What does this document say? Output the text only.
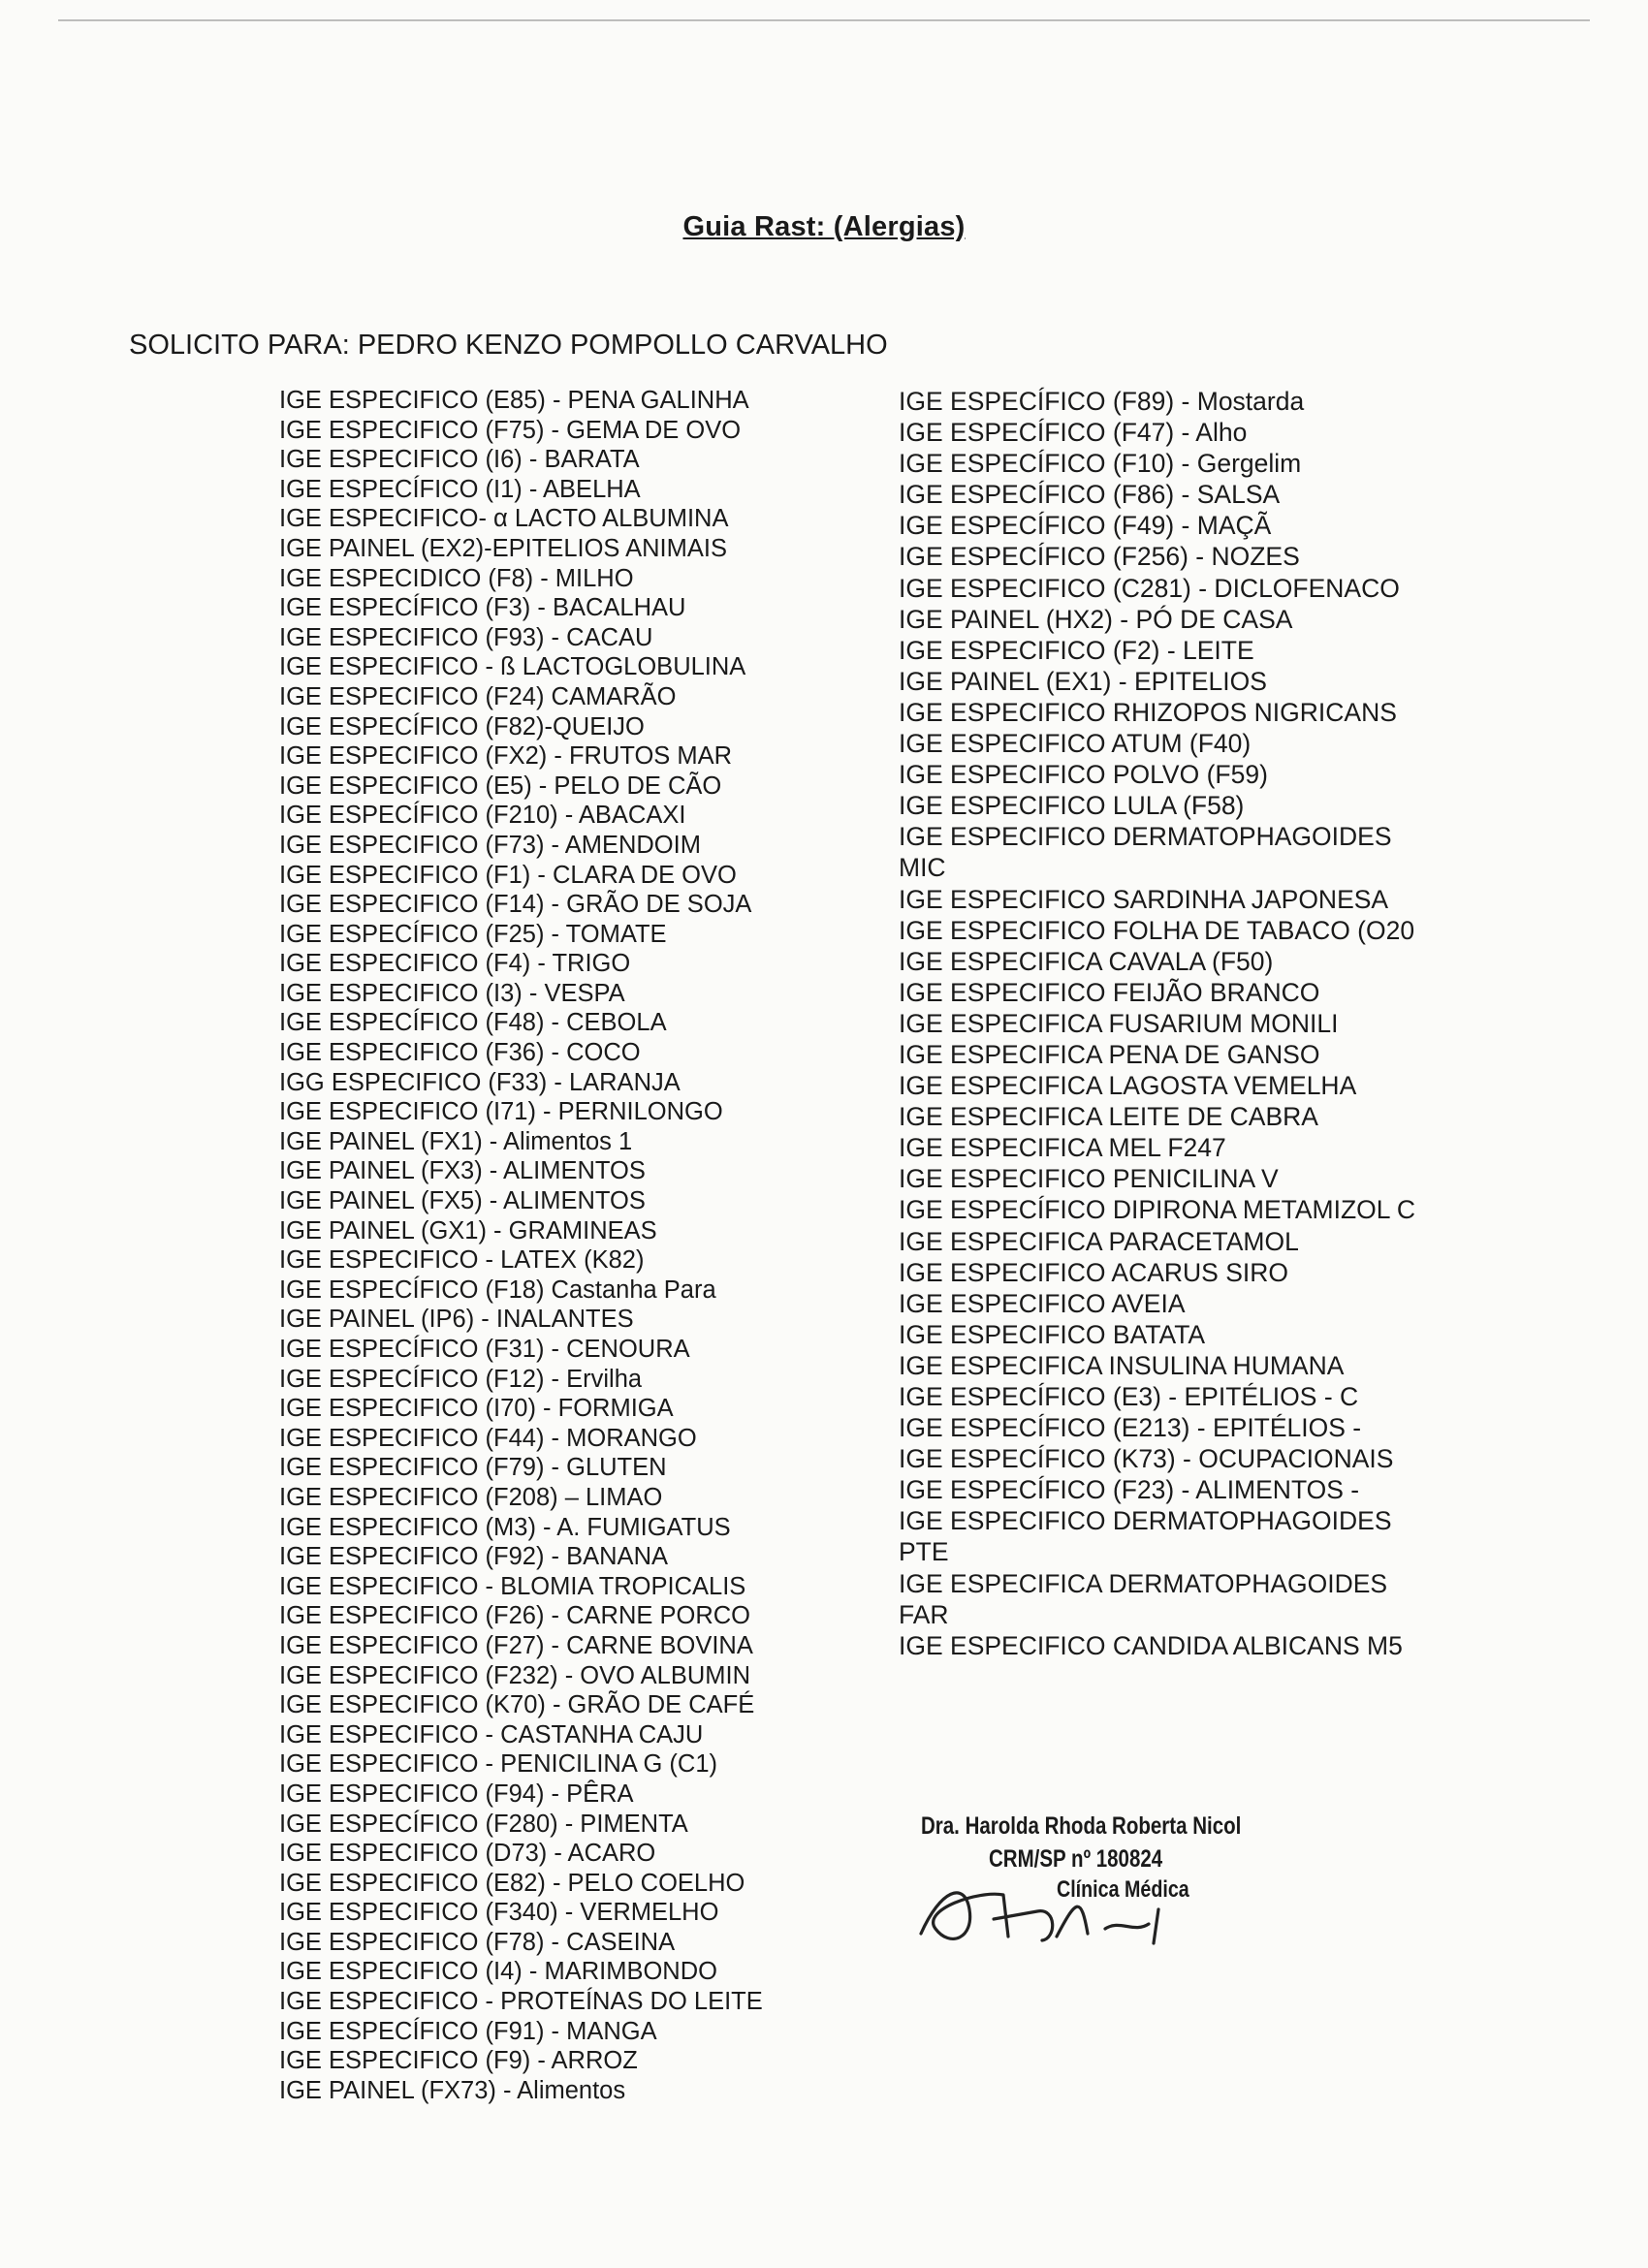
Guia Rast: (Alergias)
SOLICITO PARA: PEDRO KENZO POMPOLLO CARVALHO
IGE ESPECIFICO (E85) - PENA GALINHA
IGE ESPECIFICO (F75) - GEMA DE OVO
IGE ESPECIFICO (I6) - BARATA
IGE ESPECÍFICO (I1) - ABELHA
IGE ESPECIFICO- α LACTO ALBUMINA
IGE PAINEL (EX2)-EPITELIOS ANIMAIS
IGE ESPECIDICO (F8) - MILHO
IGE ESPECÍFICO (F3) - BACALHAU
IGE ESPECIFICO (F93) - CACAU
IGE ESPECIFICO - ß LACTOGLOBULINA
IGE ESPECIFICO (F24) CAMARÃO
IGE ESPECÍFICO (F82)-QUEIJO
IGE ESPECIFICO (FX2) - FRUTOS MAR
IGE ESPECIFICO (E5) - PELO DE CÃO
IGE ESPECÍFICO (F210) - ABACAXI
IGE ESPECIFICO (F73) - AMENDOIM
IGE ESPECIFICO (F1) - CLARA DE OVO
IGE ESPECIFICO (F14) - GRÃO DE SOJA
IGE ESPECÍFICO (F25) - TOMATE
IGE ESPECIFICO (F4) - TRIGO
IGE ESPECIFICO (I3) - VESPA
IGE ESPECÍFICO (F48) - CEBOLA
IGE ESPECIFICO (F36) - COCO
IGG ESPECIFICO (F33) - LARANJA
IGE ESPECIFICO (I71) - PERNILONGO
IGE PAINEL (FX1) - Alimentos 1
IGE PAINEL (FX3) - ALIMENTOS
IGE PAINEL (FX5) - ALIMENTOS
IGE PAINEL (GX1) - GRAMINEAS
IGE ESPECIFICO - LATEX (K82)
IGE ESPECÍFICO (F18) Castanha Para
IGE PAINEL (IP6) - INALANTES
IGE ESPECÍFICO (F31) - CENOURA
IGE ESPECÍFICO (F12) - Ervilha
IGE ESPECIFICO (I70) - FORMIGA
IGE ESPECIFICO (F44) - MORANGO
IGE ESPECIFICO (F79) - GLUTEN
IGE ESPECIFICO (F208) – LIMAO
IGE ESPECIFICO (M3) - A. FUMIGATUS
IGE ESPECIFICO (F92) - BANANA
IGE ESPECIFICO - BLOMIA TROPICALIS
IGE ESPECIFICO (F26) - CARNE PORCO
IGE ESPECIFICO (F27) - CARNE BOVINA
IGE ESPECIFICO (F232) - OVO ALBUMIN
IGE ESPECIFICO (K70) - GRÃO DE CAFÉ
IGE ESPECIFICO - CASTANHA CAJU
IGE ESPECIFICO - PENICILINA G (C1)
IGE ESPECIFICO (F94) - PÊRA
IGE ESPECÍFICO (F280) - PIMENTA
IGE ESPECIFICO (D73) - ACARO
IGE ESPECIFICO (E82) - PELO COELHO
IGE ESPECIFICO (F340) - VERMELHO
IGE ESPECIFICO (F78) - CASEINA
IGE ESPECIFICO (I4) - MARIMBONDO
IGE ESPECIFICO - PROTEÍNAS DO LEITE
IGE ESPECÍFICO (F91) - MANGA
IGE ESPECIFICO (F9) - ARROZ
IGE PAINEL (FX73) - Alimentos
IGE ESPECÍFICO (F89) - Mostarda
IGE ESPECÍFICO (F47) - Alho
IGE ESPECÍFICO (F10) - Gergelim
IGE ESPECÍFICO (F86) - SALSA
IGE ESPECÍFICO (F49) - MAÇÃ
IGE ESPECÍFICO (F256) - NOZES
IGE ESPECIFICO (C281) - DICLOFENACO
IGE PAINEL (HX2) - PÓ DE CASA
IGE ESPECIFICO (F2) - LEITE
IGE PAINEL (EX1) - EPITELIOS
IGE ESPECIFICO RHIZOPOS NIGRICANS
IGE ESPECIFICO ATUM (F40)
IGE ESPECIFICO POLVO (F59)
IGE ESPECIFICO LULA (F58)
IGE ESPECIFICO DERMATOPHAGOIDES MIC
IGE ESPECIFICO SARDINHA JAPONESA
IGE ESPECIFICO FOLHA DE TABACO (O20
IGE ESPECIFICA CAVALA (F50)
IGE ESPECIFICO FEIJÃO BRANCO
IGE ESPECIFICA FUSARIUM MONILI
IGE ESPECIFICA PENA DE GANSO
IGE ESPECIFICA LAGOSTA VEMELHA
IGE ESPECIFICA LEITE DE CABRA
IGE ESPECIFICA MEL F247
IGE ESPECIFICO PENICILINA V
IGE ESPECÍFICO DIPIRONA METAMIZOL C
IGE ESPECIFICA PARACETAMOL
IGE ESPECIFICO ACARUS SIRO
IGE ESPECIFICO AVEIA
IGE ESPECIFICO BATATA
IGE ESPECIFICA INSULINA HUMANA
IGE ESPECÍFICO (E3) - EPITÉLIOS - C
IGE ESPECÍFICO (E213) - EPITÉLIOS -
IGE ESPECÍFICO (K73) - OCUPACIONAIS
IGE ESPECÍFICO (F23) - ALIMENTOS -
IGE ESPECIFICO DERMATOPHAGOIDES PTE
IGE ESPECIFICA DERMATOPHAGOIDES FAR
IGE ESPECIFICO CANDIDA ALBICANS M5
Dra. Harolda Rhoda Roberta Nicol
CRM/SP nº 180824
Clínica Médica
